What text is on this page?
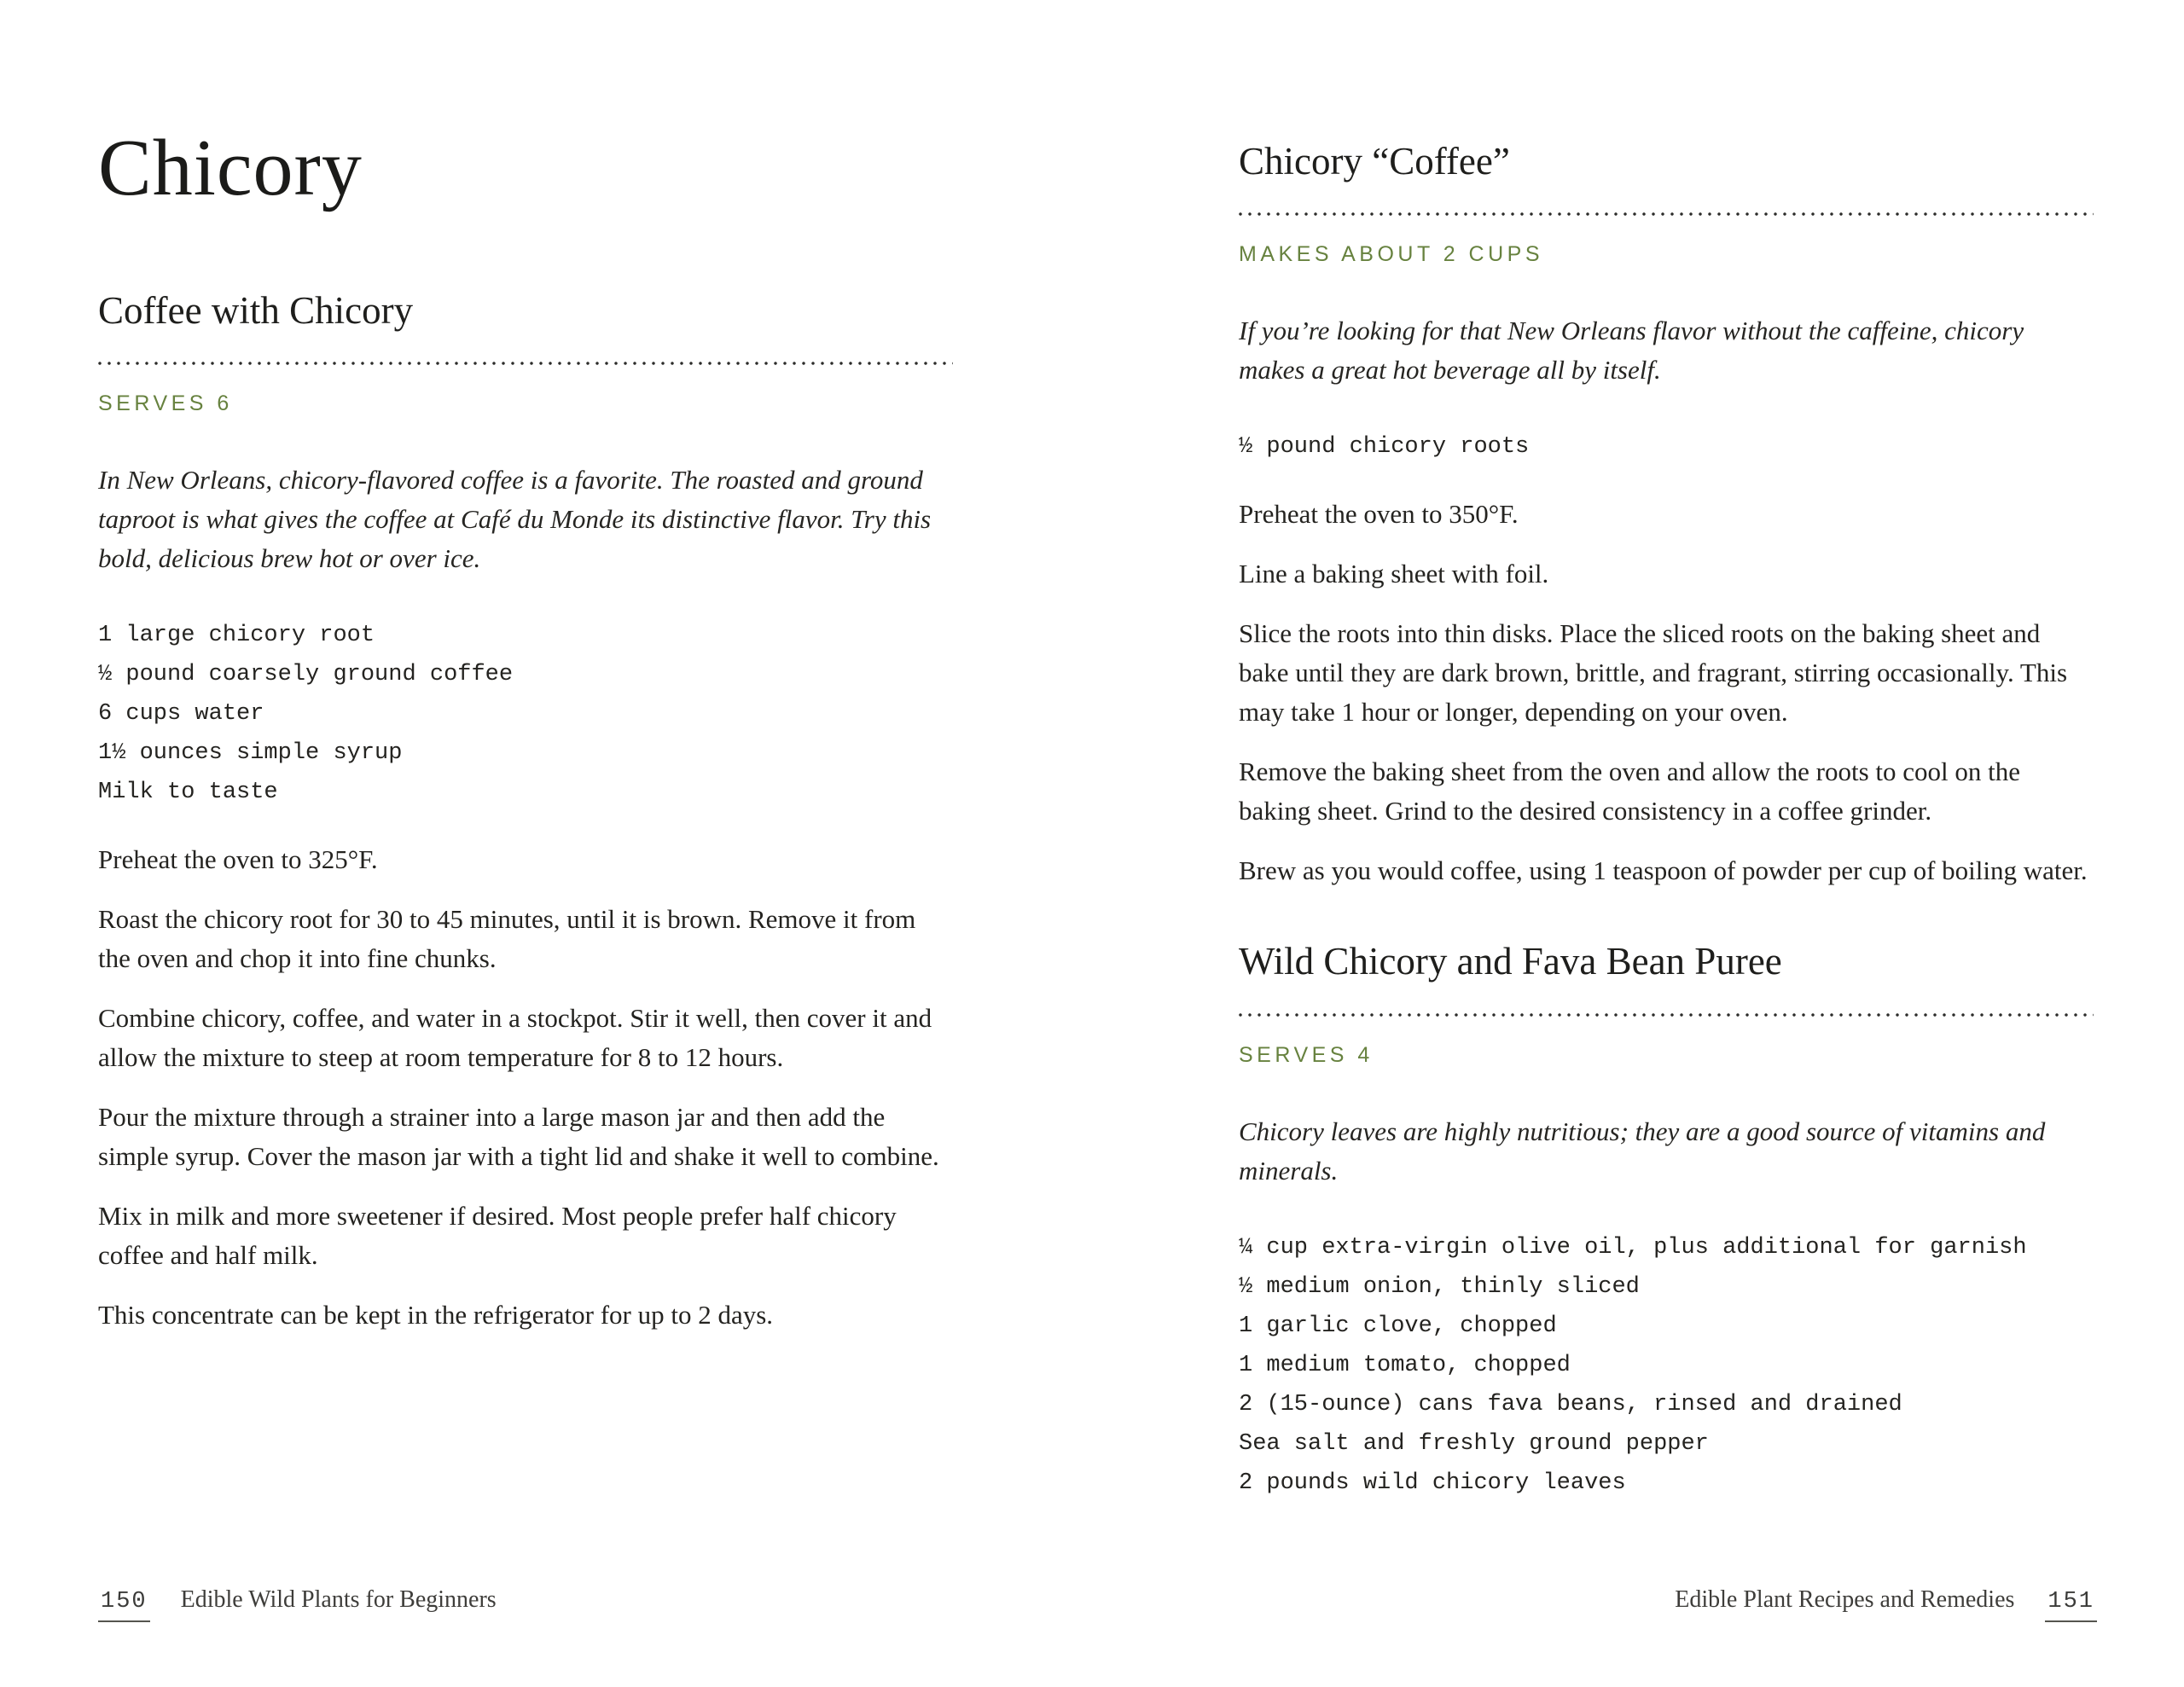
Chicory
Coffee with Chicory
SERVES 6

In New Orleans, chicory-flavored coffee is a favorite. The roasted and ground taproot is what gives the coffee at Café du Monde its distinctive flavor. Try this bold, delicious brew hot or over ice.

1 large chicory root
½ pound coarsely ground coffee
6 cups water
1½ ounces simple syrup
Milk to taste

Preheat the oven to 325°F.

Roast the chicory root for 30 to 45 minutes, until it is brown. Remove it from the oven and chop it into fine chunks.

Combine chicory, coffee, and water in a stockpot. Stir it well, then cover it and allow the mixture to steep at room temperature for 8 to 12 hours.

Pour the mixture through a strainer into a large mason jar and then add the simple syrup. Cover the mason jar with a tight lid and shake it well to combine.

Mix in milk and more sweetener if desired. Most people prefer half chicory coffee and half milk.

This concentrate can be kept in the refrigerator for up to 2 days.

Chicory “Coffee”
MAKES ABOUT 2 CUPS

If you’re looking for that New Orleans flavor without the caffeine, chicory makes a great hot beverage all by itself.

½ pound chicory roots

Preheat the oven to 350°F.

Line a baking sheet with foil.

Slice the roots into thin disks. Place the sliced roots on the baking sheet and bake until they are dark brown, brittle, and fragrant, stirring occasionally. This may take 1 hour or longer, depending on your oven.

Remove the baking sheet from the oven and allow the roots to cool on the baking sheet. Grind to the desired consistency in a coffee grinder.

Brew as you would coffee, using 1 teaspoon of powder per cup of boiling water.

Wild Chicory and Fava Bean Puree
SERVES 4

Chicory leaves are highly nutritious; they are a good source of vitamins and minerals.

¼ cup extra-virgin olive oil, plus additional for garnish
½ medium onion, thinly sliced
1 garlic clove, chopped
1 medium tomato, chopped
2 (15-ounce) cans fava beans, rinsed and drained
Sea salt and freshly ground pepper
2 pounds wild chicory leaves
150 Edible Wild Plants for Beginners	Edible Plant Recipes and Remedies 151
